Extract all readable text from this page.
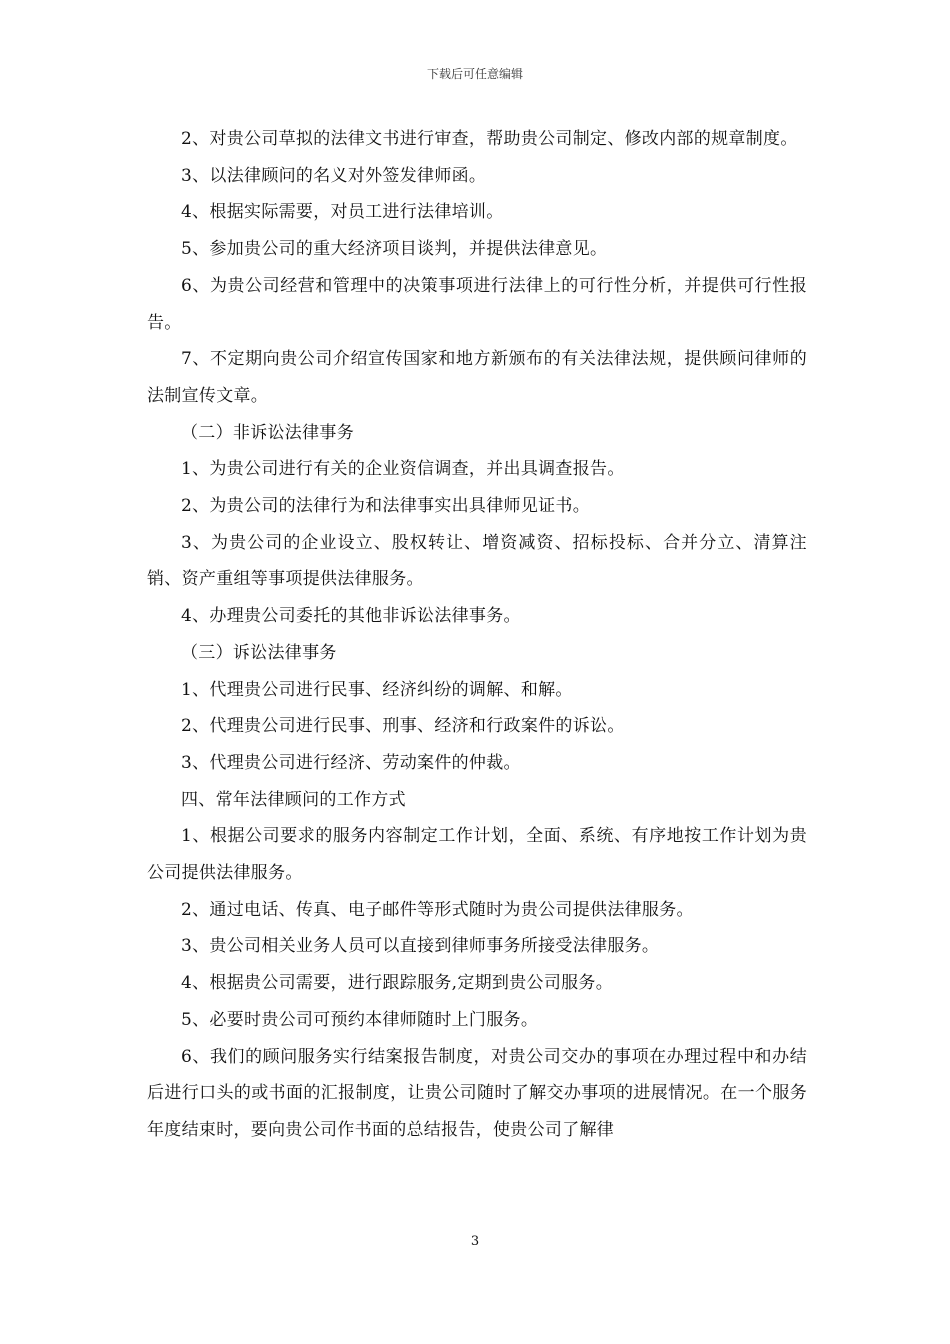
下载后可任意编辑

2、对贵公司草拟的法律文书进行审查，帮助贵公司制定、修改内部的规章制度。

3、以法律顾问的名义对外签发律师函。

4、根据实际需要，对员工进行法律培训。

5、参加贵公司的重大经济项目谈判，并提供法律意见。

6、为贵公司经营和管理中的决策事项进行法律上的可行性分析，并提供可行性报告。

7、不定期向贵公司介绍宣传国家和地方新颁布的有关法律法规，提供顾问律师的法制宣传文章。

（二）非诉讼法律事务

1、为贵公司进行有关的企业资信调查，并出具调查报告。

2、为贵公司的法律行为和法律事实出具律师见证书。

3、为贵公司的企业设立、股权转让、增资减资、招标投标、合并分立、清算注销、资产重组等事项提供法律服务。

4、办理贵公司委托的其他非诉讼法律事务。

（三）诉讼法律事务

1、代理贵公司进行民事、经济纠纷的调解、和解。

2、代理贵公司进行民事、刑事、经济和行政案件的诉讼。

3、代理贵公司进行经济、劳动案件的仲裁。

四、常年法律顾问的工作方式

1、根据公司要求的服务内容制定工作计划，全面、系统、有序地按工作计划为贵公司提供法律服务。

2、通过电话、传真、电子邮件等形式随时为贵公司提供法律服务。

3、贵公司相关业务人员可以直接到律师事务所接受法律服务。

4、根据贵公司需要，进行跟踪服务,定期到贵公司服务。

5、必要时贵公司可预约本律师随时上门服务。

6、我们的顾问服务实行结案报告制度，对贵公司交办的事项在办理过程中和办结后进行口头的或书面的汇报制度，让贵公司随时了解交办事项的进展情况。在一个服务年度结束时，要向贵公司作书面的总结报告，使贵公司了解律

3
